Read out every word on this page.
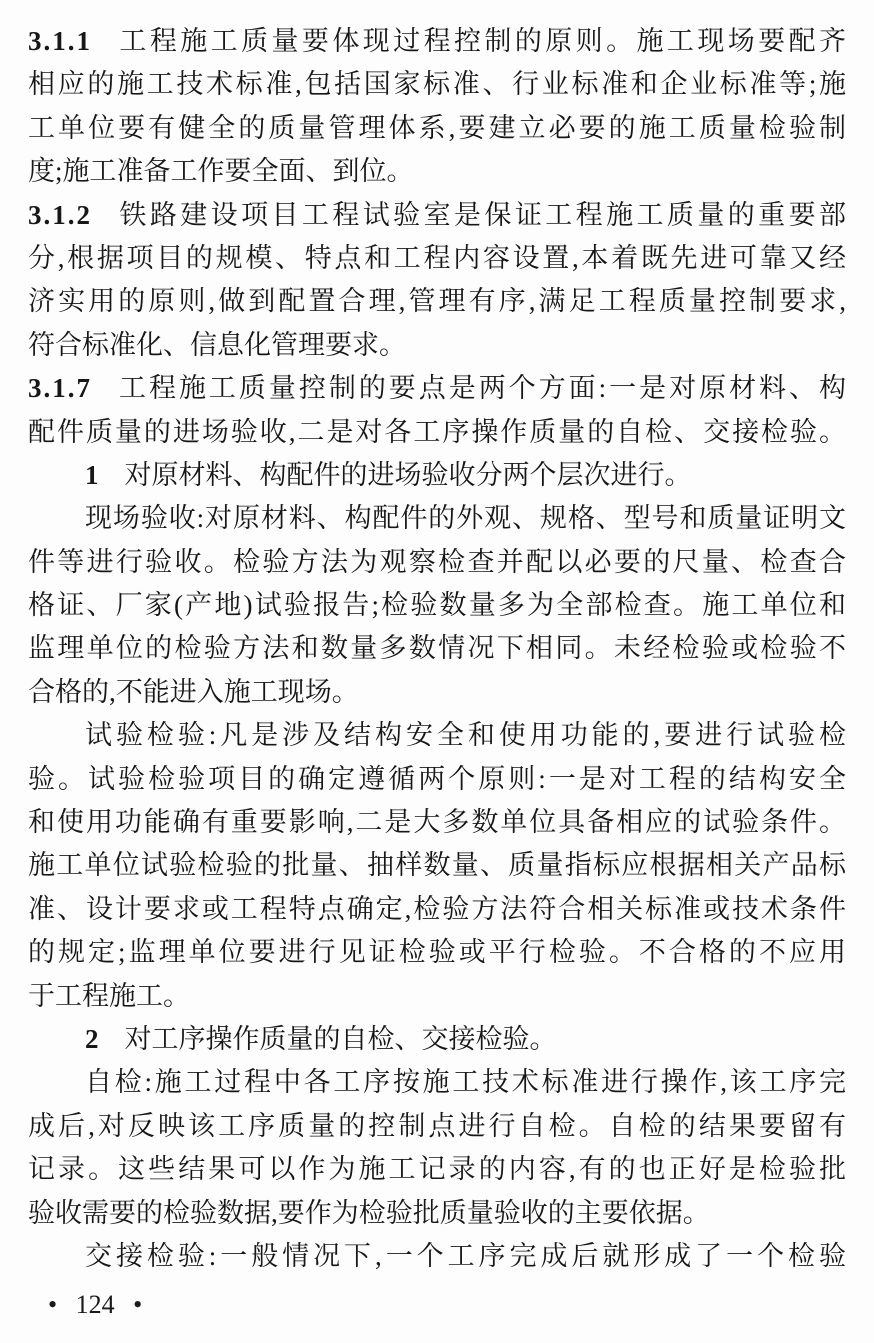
3.1.1 工程施工质量要体现过程控制的原则。施工现场要配齐
相应的施工技术标准,包括国家标准、行业标准和企业标准等;施
工单位要有健全的质量管理体系,要建立必要的施工质量检验制
度;施工准备工作要全面、到位。
3.1.2 铁路建设项目工程试验室是保证工程施工质量的重要部
分,根据项目的规模、特点和工程内容设置,本着既先进可靠又经
济实用的原则,做到配置合理,管理有序,满足工程质量控制要求,
符合标准化、信息化管理要求。
3.1.7 工程施工质量控制的要点是两个方面:一是对原材料、构
配件质量的进场验收,二是对各工序操作质量的自检、交接检验。
1 对原材料、构配件的进场验收分两个层次进行。
现场验收:对原材料、构配件的外观、规格、型号和质量证明文
件等进行验收。检验方法为观察检查并配以必要的尺量、检查合
格证、厂家(产地)试验报告;检验数量多为全部检查。施工单位和
监理单位的检验方法和数量多数情况下相同。未经检验或检验不
合格的,不能进入施工现场。
试验检验:凡是涉及结构安全和使用功能的,要进行试验检
验。试验检验项目的确定遵循两个原则:一是对工程的结构安全
和使用功能确有重要影响,二是大多数单位具备相应的试验条件。
施工单位试验检验的批量、抽样数量、质量指标应根据相关产品标
准、设计要求或工程特点确定,检验方法符合相关标准或技术条件
的规定;监理单位要进行见证检验或平行检验。不合格的不应用
于工程施工。
2 对工序操作质量的自检、交接检验。
自检:施工过程中各工序按施工技术标准进行操作,该工序完
成后,对反映该工序质量的控制点进行自检。自检的结果要留有
记录。这些结果可以作为施工记录的内容,有的也正好是检验批
验收需要的检验数据,要作为检验批质量验收的主要依据。
交接检验:一般情况下,一个工序完成后就形成了一个检验
• 124 •
